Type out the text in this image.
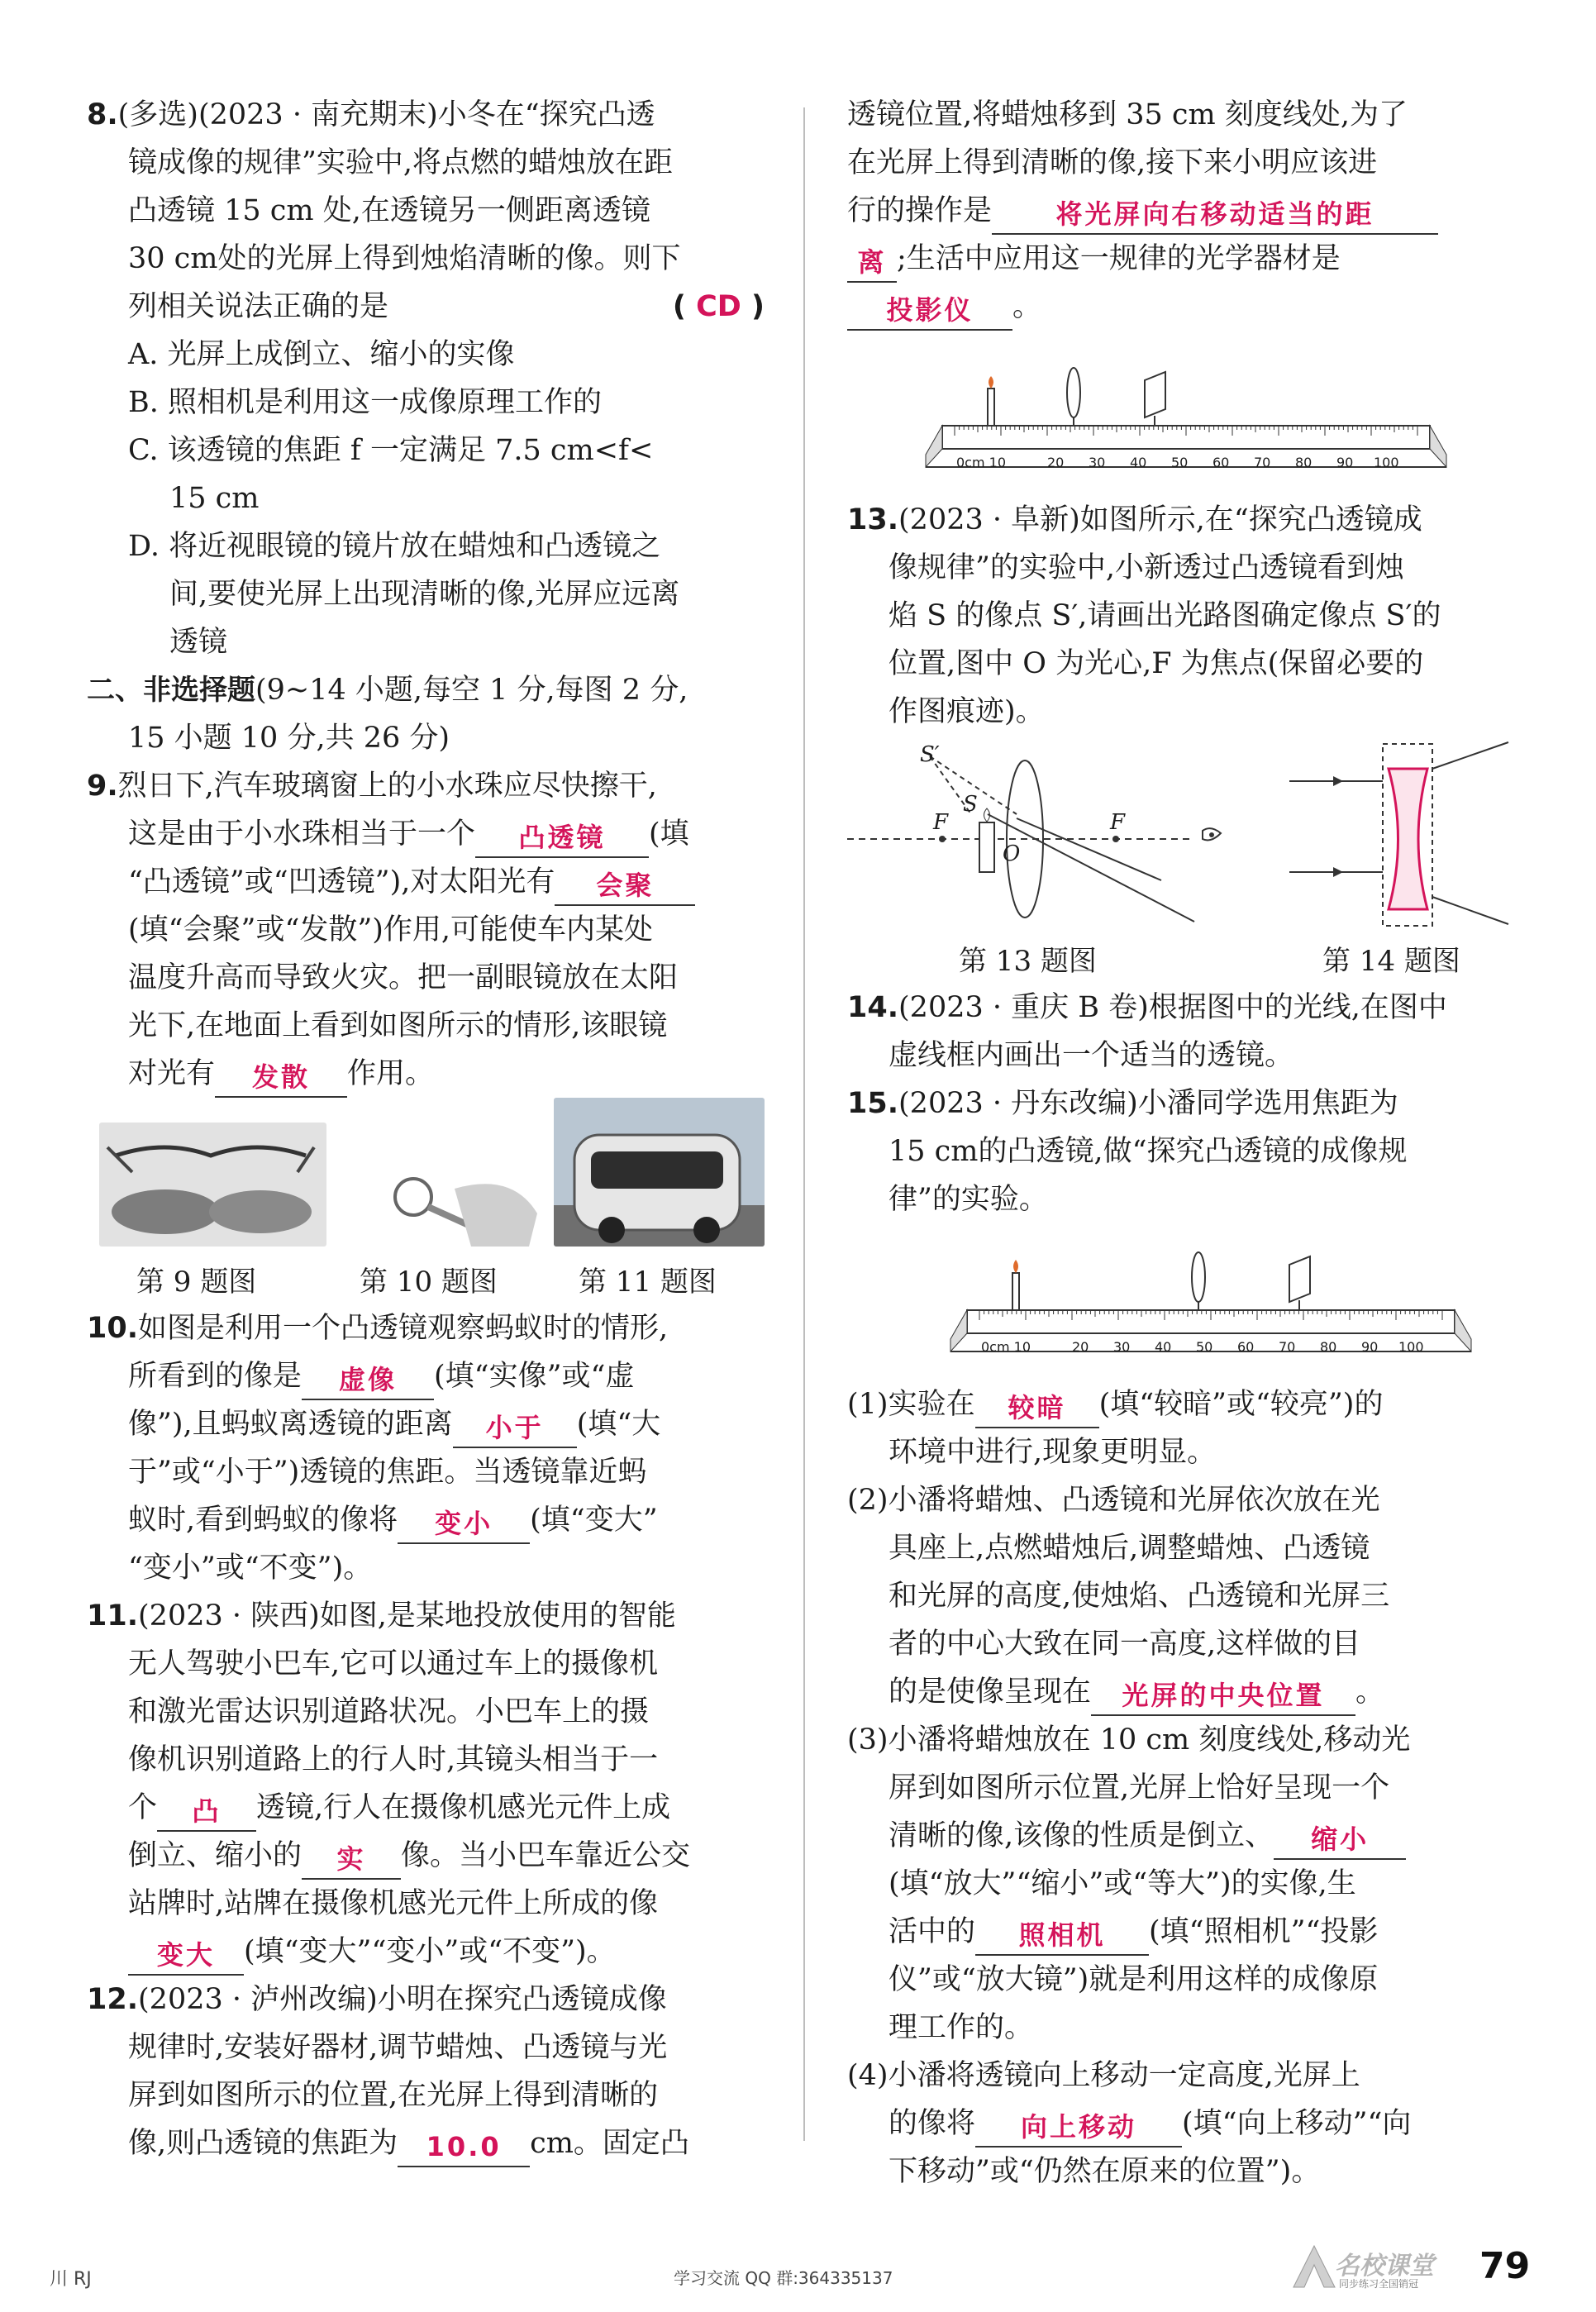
8.(多选)(2023 · 南充期末)小冬在“探究凸透
镜成像的规律”实验中,将点燃的蜡烛放在距
凸透镜 15 cm 处,在透镜另一侧距离透镜
30 cm处的光屏上得到烛焰清晰的像。则下
列相关说法正确的是	( CD )
A. 光屏上成倒立、缩小的实像
B. 照相机是利用这一成像原理工作的
C. 该透镜的焦距 f 一定满足 7.5 cm<f<
15 cm
D. 将近视眼镜的镜片放在蜡烛和凸透镜之
间,要使光屏上出现清晰的像,光屏应远离
透镜
二、非选择题(9~14 小题,每空 1 分,每图 2 分,
15 小题 10 分,共 26 分)
9.烈日下,汽车玻璃窗上的小水珠应尽快擦干,
这是由于小水珠相当于一个 凸透镜 (填
“凸透镜”或“凹透镜”),对太阳光有 会聚
(填“会聚”或“发散”)作用,可能使车内某处
温度升高而导致火灾。把一副眼镜放在太阳
光下,在地面上看到如图所示的情形,该眼镜
对光有 发散 作用。
第 9 题图	第 10 题图	第 11 题图
10.如图是利用一个凸透镜观察蚂蚁时的情形,
所看到的像是 虚像 (填“实像”或“虚
像”),且蚂蚁离透镜的距离 小于 (填“大
于”或“小于”)透镜的焦距。当透镜靠近蚂
蚁时,看到蚂蚁的像将 变小 (填“变大”
“变小”或“不变”)。
11.(2023 · 陕西)如图,是某地投放使用的智能
无人驾驶小巴车,它可以通过车上的摄像机
和激光雷达识别道路状况。小巴车上的摄
像机识别道路上的行人时,其镜头相当于一
个 凸 透镜,行人在摄像机感光元件上成
倒立、缩小的 实 像。当小巴车靠近公交
站牌时,站牌在摄像机感光元件上所成的像
变大 (填“变大”“变小”或“不变”)。
12.(2023 · 泸州改编)小明在探究凸透镜成像
规律时,安装好器材,调节蜡烛、凸透镜与光
屏到如图所示的位置,在光屏上得到清晰的
像,则凸透镜的焦距为 10.0 cm。固定凸
透镜位置,将蜡烛移到 35 cm 刻度线处,为了
在光屏上得到清晰的像,接下来小明应该进
行的操作是 将光屏向右移动适当的距
离 ;生活中应用这一规律的光学器材是
投影仪 。
0cm 10	20 30 40 50 60 70 80 90 100
13.(2023 · 阜新)如图所示,在“探究凸透镜成
像规律”的实验中,小新透过凸透镜看到烛
焰 S 的像点 S′,请画出光路图确定像点 S′的
位置,图中 O 为光心,F 为焦点(保留必要的
作图痕迹)。
S′
S
F	F
O
第 13 题图	第 14 题图
14.(2023 · 重庆 B 卷)根据图中的光线,在图中
虚线框内画出一个适当的透镜。
15.(2023 · 丹东改编)小潘同学选用焦距为
15 cm的凸透镜,做“探究凸透镜的成像规
律”的实验。
0cm 10	20 30 40 50 60 70 80 90 100
(1)实验在 较暗 (填“较暗”或“较亮”)的
环境中进行,现象更明显。
(2)小潘将蜡烛、凸透镜和光屏依次放在光
具座上,点燃蜡烛后,调整蜡烛、凸透镜
和光屏的高度,使烛焰、凸透镜和光屏三
者的中心大致在同一高度,这样做的目
的是使像呈现在 光屏的中央位置 。
(3)小潘将蜡烛放在 10 cm 刻度线处,移动光
屏到如图所示位置,光屏上恰好呈现一个
清晰的像,该像的性质是倒立、 缩小
(填“放大”“缩小”或“等大”)的实像,生
活中的 照相机 (填“照相机”“投影
仪”或“放大镜”)就是利用这样的成像原
理工作的。
(4)小潘将透镜向上移动一定高度,光屏上
的像将 向上移动 (填“向上移动”“向
下移动”或“仍然在原来的位置”)。
川 RJ	学习交流 QQ 群:364335137	名校课堂
同步练习全国销冠 79
